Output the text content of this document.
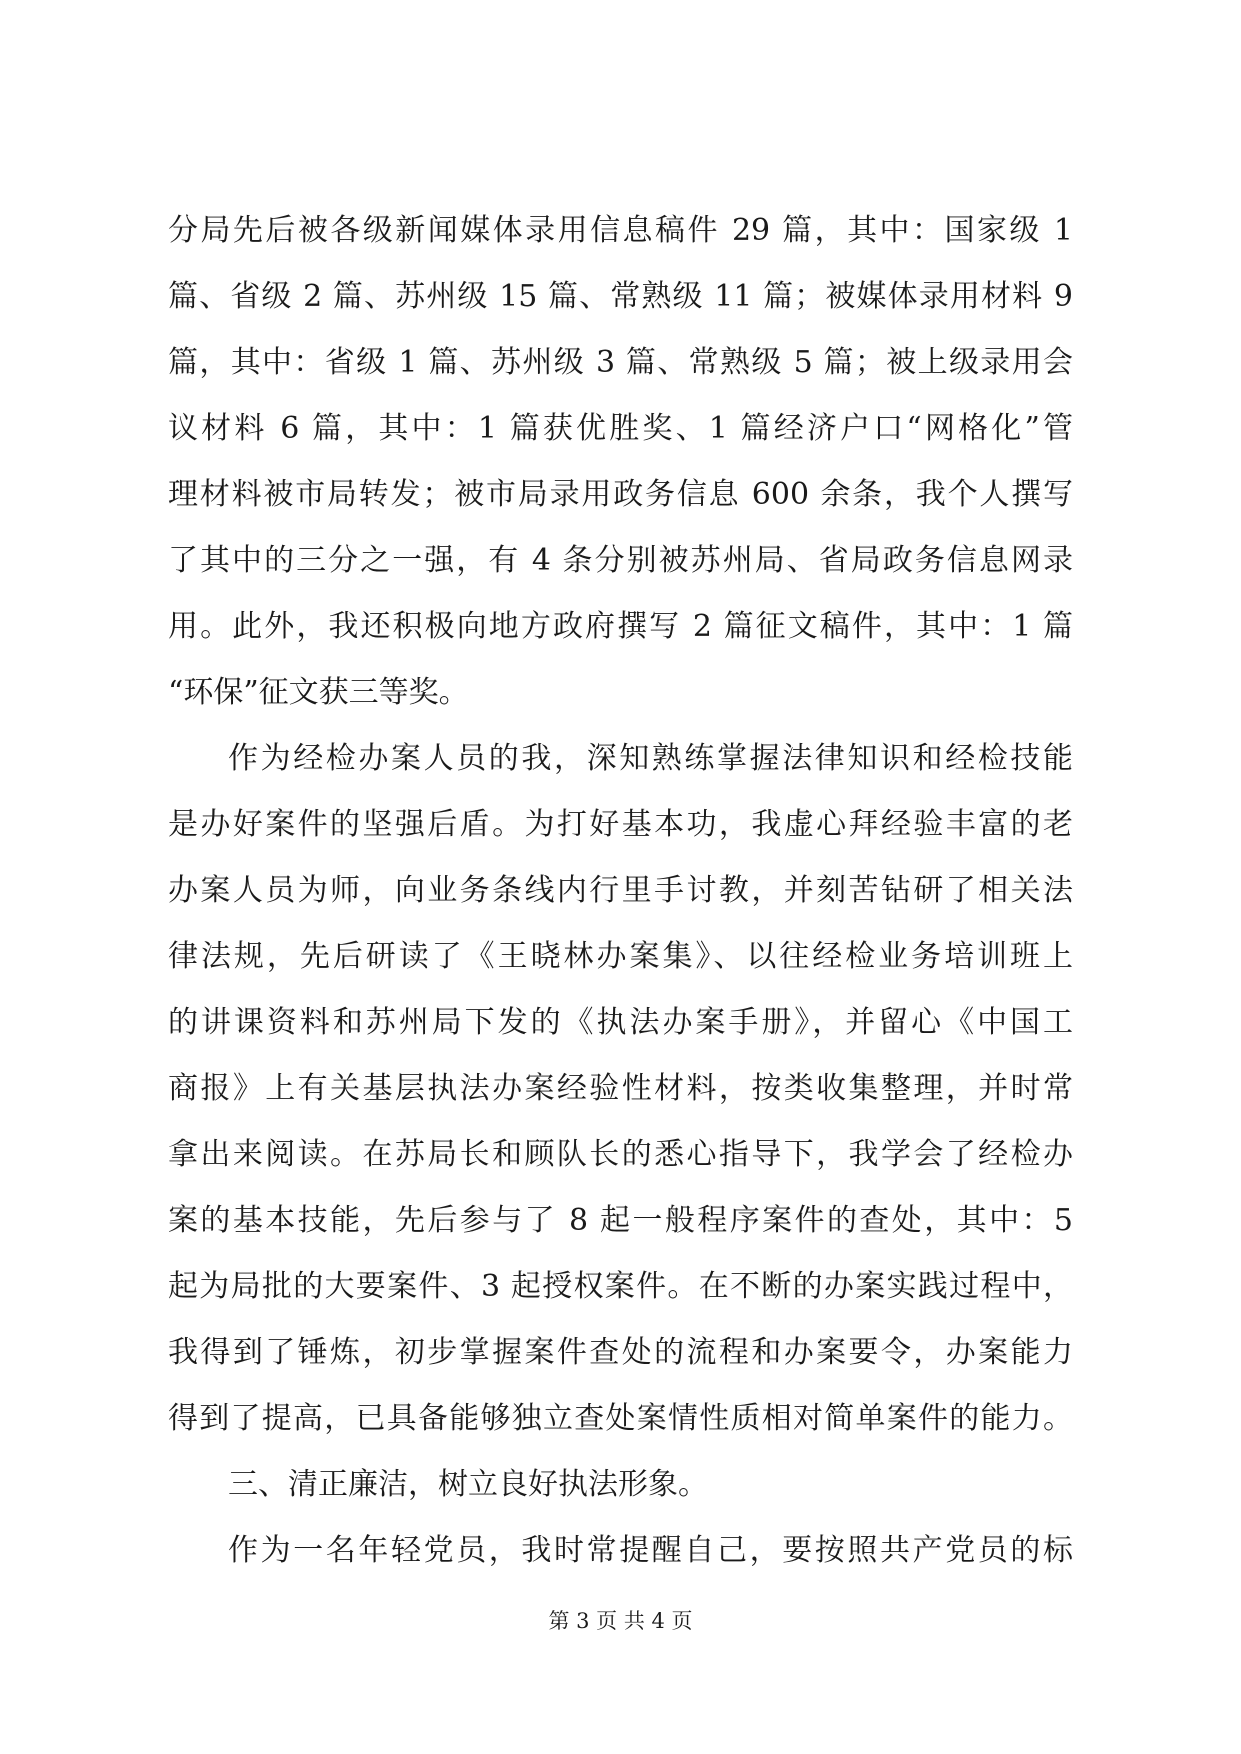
分局先后被各级新闻媒体录用信息稿件 29 篇，其中：国家级 1
篇、省级 2 篇、苏州级 15 篇、常熟级 11 篇；被媒体录用材料 9
篇，其中：省级 1 篇、苏州级 3 篇、常熟级 5 篇；被上级录用会
议材料 6 篇，其中：1 篇获优胜奖、1 篇经济户口“网格化”管
理材料被市局转发；被市局录用政务信息 600 余条，我个人撰写
了其中的三分之一强，有 4 条分别被苏州局、省局政务信息网录
用。此外，我还积极向地方政府撰写 2 篇征文稿件，其中：1 篇
“环保”征文获三等奖。
作为经检办案人员的我，深知熟练掌握法律知识和经检技能
是办好案件的坚强后盾。为打好基本功，我虚心拜经验丰富的老
办案人员为师，向业务条线内行里手讨教，并刻苦钻研了相关法
律法规，先后研读了《王晓林办案集》、以往经检业务培训班上
的讲课资料和苏州局下发的《执法办案手册》，并留心《中国工
商报》上有关基层执法办案经验性材料，按类收集整理，并时常
拿出来阅读。在苏局长和顾队长的悉心指导下，我学会了经检办
案的基本技能，先后参与了 8 起一般程序案件的查处，其中：5
起为局批的大要案件、3 起授权案件。在不断的办案实践过程中，
我得到了锤炼，初步掌握案件查处的流程和办案要令，办案能力
得到了提高，已具备能够独立查处案情性质相对简单案件的能力。
三、清正廉洁，树立良好执法形象。
作为一名年轻党员，我时常提醒自己，要按照共产党员的标
第 3 页 共 4 页
